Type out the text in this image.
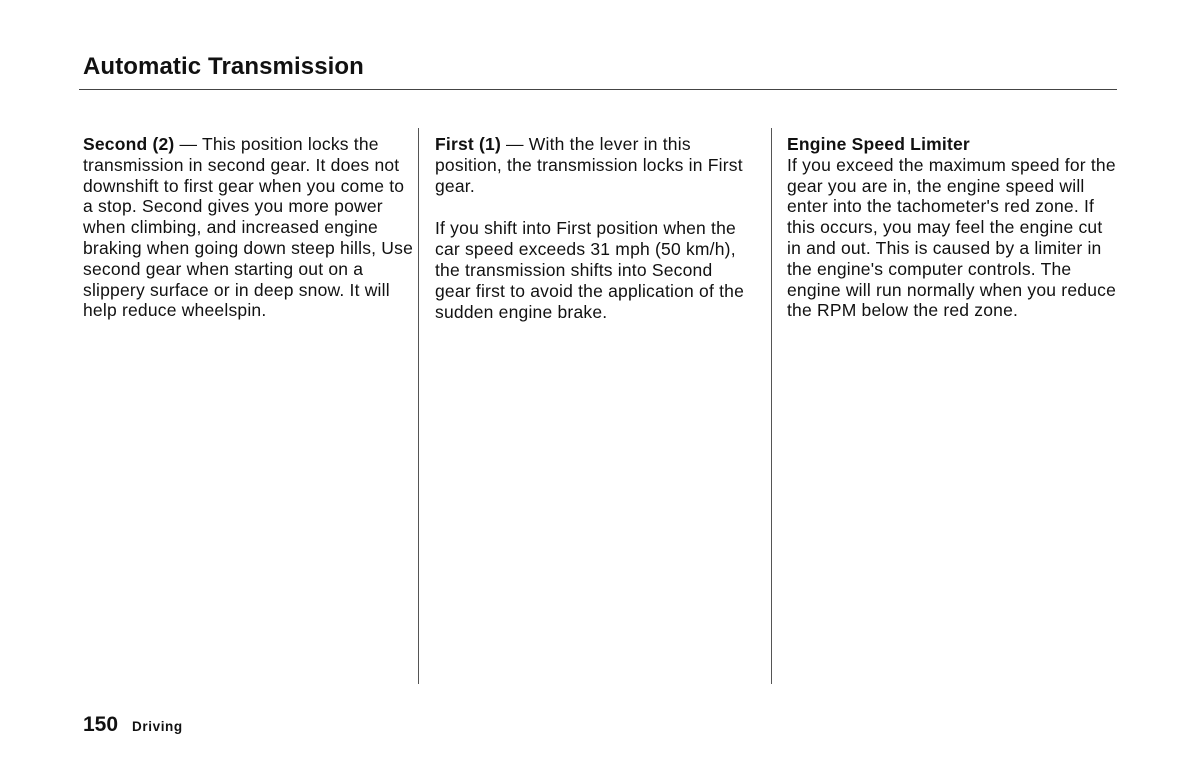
Automatic Transmission

Second (2) — This position locks the transmission in second gear. It does not downshift to first gear when you come to a stop. Second gives you more power when climbing, and increased engine braking when going down steep hills, Use second gear when starting out on a slippery surface or in deep snow. It will help reduce wheelspin.

First (1) — With the lever in this position, the transmission locks in First gear.

If you shift into First position when the car speed exceeds 31 mph (50 km/h), the transmission shifts into Second gear first to avoid the application of the sudden engine brake.

Engine Speed Limiter
If you exceed the maximum speed for the gear you are in, the engine speed will enter into the tachometer's red zone. If this occurs, you may feel the engine cut in and out. This is caused by a limiter in the engine's computer controls. The engine will run normally when you reduce the RPM below the red zone.

150 Driving
